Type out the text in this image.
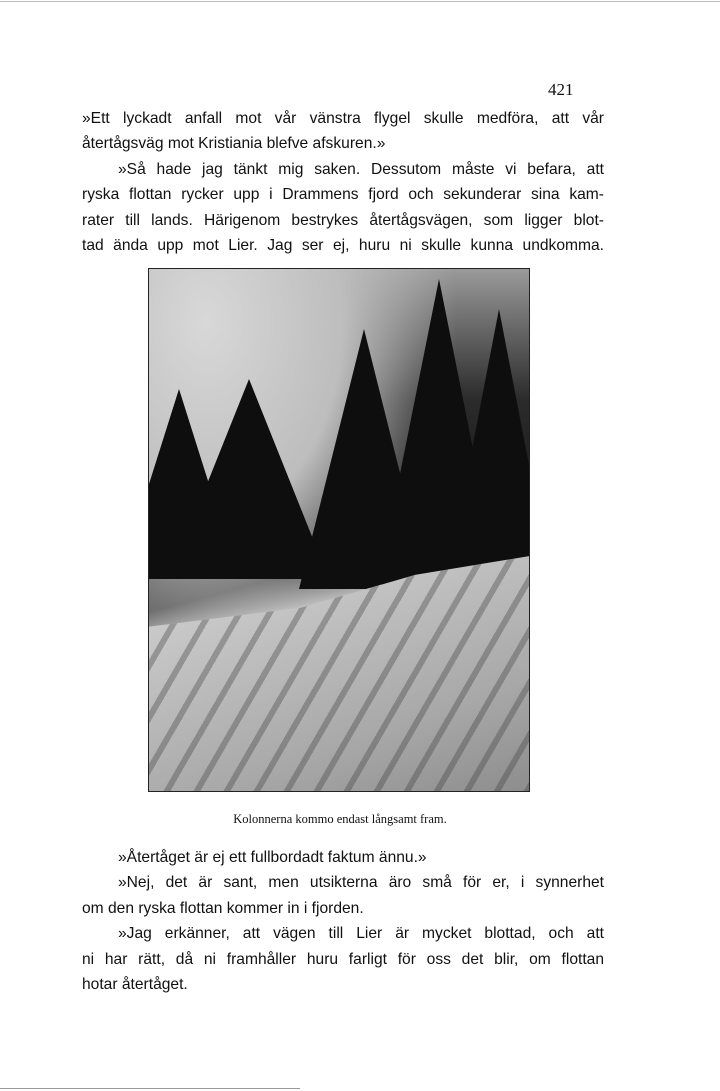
421
»Ett lyckadt anfall mot vår vänstra flygel skulle medföra, att vår
återtågsväg mot Kristiania blefve afskuren.»
»Så hade jag tänkt mig saken. Dessutom måste vi befara, att
ryska flottan rycker upp i Drammens fjord och sekunderar sina kam-
rater till lands. Härigenom bestrykes återtågsvägen, som ligger blot-
tad ända upp mot Lier. Jag ser ej, huru ni skulle kunna undkomma.
Kolonnerna kommo endast långsamt fram.
»Återtåget är ej ett fullbordadt faktum ännu.»
»Nej, det är sant, men utsikterna äro små för er, i synnerhet
om den ryska flottan kommer in i fjorden.
»Jag erkänner, att vägen till Lier är mycket blottad, och att
ni har rätt, då ni framhåller huru farligt för oss det blir, om flottan
hotar återtåget.
